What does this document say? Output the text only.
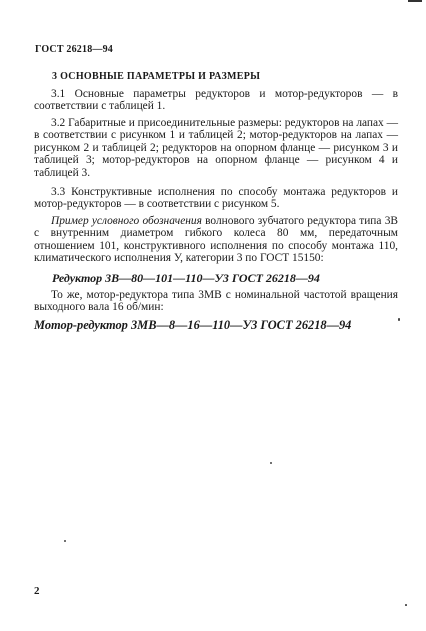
ГОСТ 26218—94
3 ОСНОВНЫЕ ПАРАМЕТРЫ И РАЗМЕРЫ

3.1 Основные параметры редукторов и мотор-редукторов — в соответствии с таблицей 1.

3.2 Габаритные и присоединительные размеры: редукторов на лапах — в соответствии с рисунком 1 и таблицей 2; мотор-редукторов на лапах — рисунком 2 и таблицей 2; редукторов на опорном фланце — рисунком 3 и таблицей 3; мотор-редукторов на опорном фланце — рисунком 4 и таблицей 3.

3.3 Конструктивные исполнения по способу монтажа редукторов и мотор-редукторов — в соответствии с рисунком 5.

Пример условного обозначения волнового зубчатого редуктора типа 3В с внутренним диаметром гибкого колеса 80 мм, передаточным отношением 101, конструктивного исполнения по способу монтажа 110, климатического исполнения У, категории 3 по ГОСТ 15150:

Редуктор 3В—80—101—110—У3 ГОСТ 26218—94

То же, мотор-редуктора типа 3МВ с номинальной частотой вращения выходного вала 16 об/мин:

Мотор-редуктор 3МВ—8—16—110—У3 ГОСТ 26218—94
2
